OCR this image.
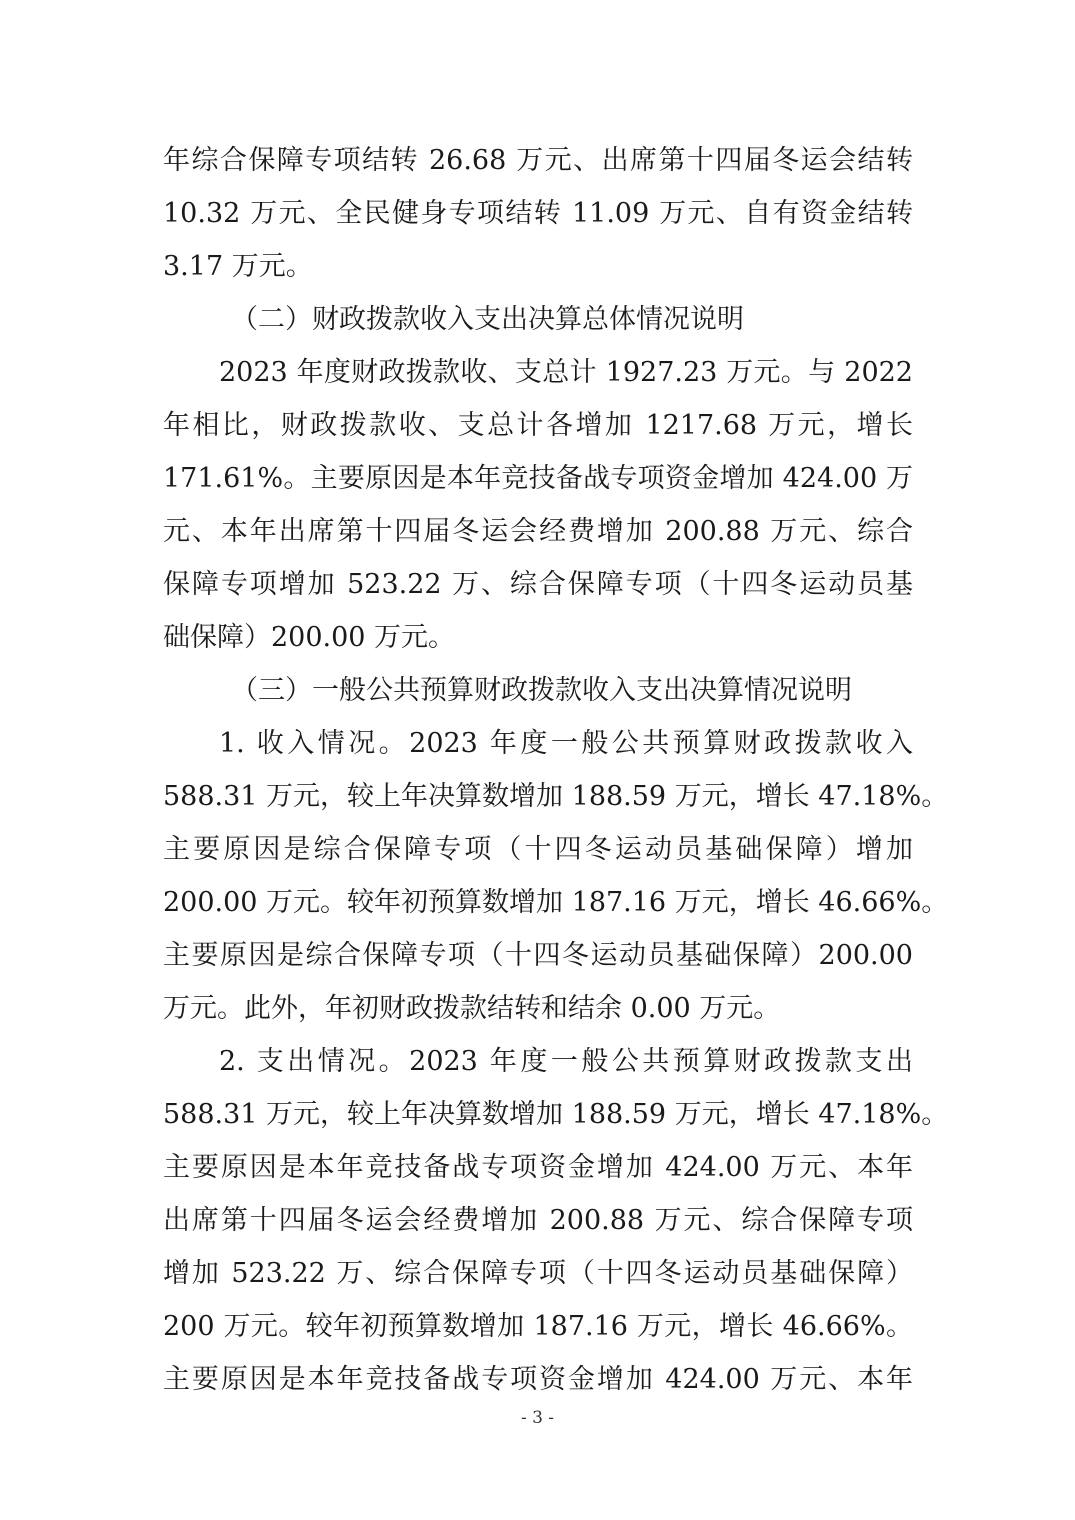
年综合保障专项结转 26.68 万元、出席第十四届冬运会结转
10.32 万元、全民健身专项结转 11.09 万元、自有资金结转
3.17 万元。
（二）财政拨款收入支出决算总体情况说明
2023 年度财政拨款收、支总计 1927.23 万元。与 2022
年相比，财政拨款收、支总计各增加 1217.68 万元，增长
171.61%。主要原因是本年竞技备战专项资金增加 424.00 万
元、本年出席第十四届冬运会经费增加 200.88 万元、综合
保障专项增加 523.22 万、综合保障专项（十四冬运动员基
础保障）200.00 万元。
（三）一般公共预算财政拨款收入支出决算情况说明
1. 收入情况。2023 年度一般公共预算财政拨款收入
588.31 万元，较上年决算数增加 188.59 万元，增长 47.18%。
主要原因是综合保障专项（十四冬运动员基础保障）增加
200.00 万元。较年初预算数增加 187.16 万元，增长 46.66%。
主要原因是综合保障专项（十四冬运动员基础保障）200.00
万元。此外，年初财政拨款结转和结余 0.00 万元。
2. 支出情况。2023 年度一般公共预算财政拨款支出
588.31 万元，较上年决算数增加 188.59 万元，增长 47.18%。
主要原因是本年竞技备战专项资金增加 424.00 万元、本年
出席第十四届冬运会经费增加 200.88 万元、综合保障专项
增加 523.22 万、综合保障专项（十四冬运动员基础保障）
200 万元。较年初预算数增加 187.16 万元，增长 46.66%。
主要原因是本年竞技备战专项资金增加 424.00 万元、本年
- 3 -
